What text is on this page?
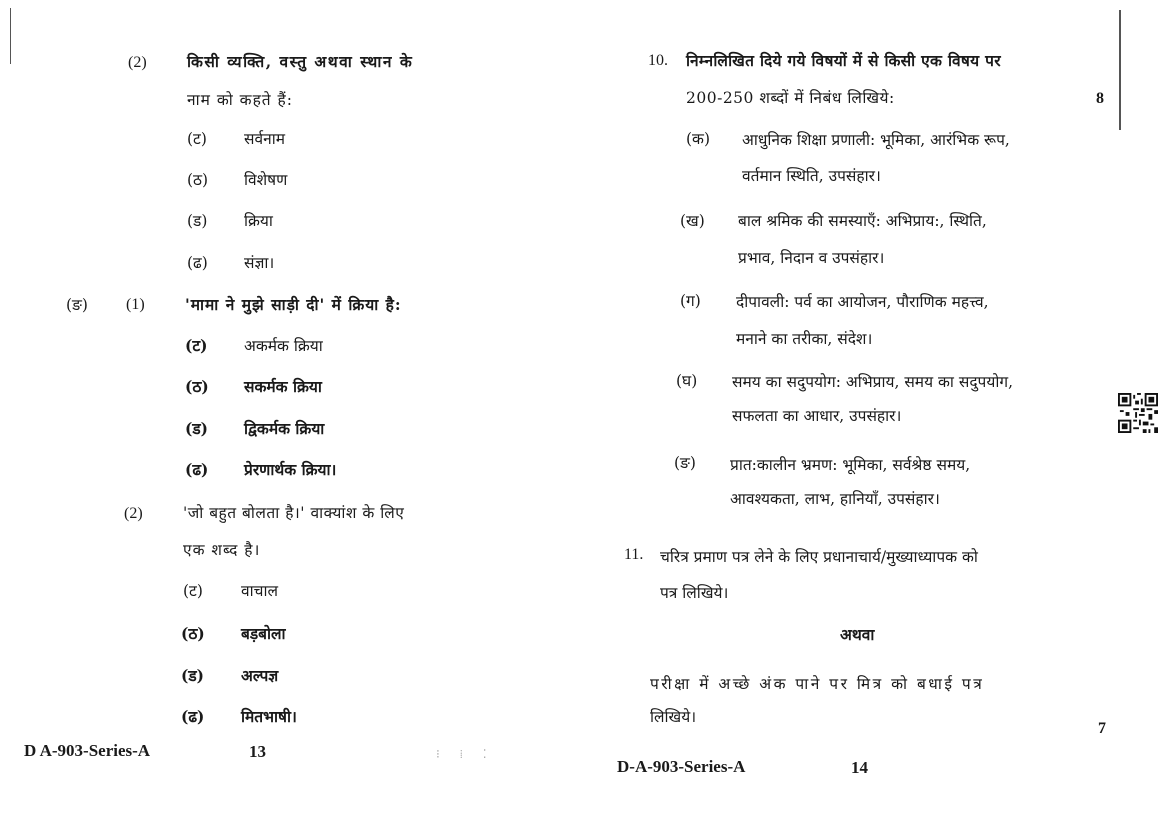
(2)	किसी व्यक्ति, वस्तु अथवा स्थान के
नाम को कहते हैं:
(ट) सर्वनाम
(ठ) विशेषण
(ड) क्रिया
(ढ) संज्ञा।
(ङ) (1)	'मामा ने मुझे साड़ी दी' में क्रिया है:
(ट) अकर्मक क्रिया
(ठ) सकर्मक क्रिया
(ड) द्विकर्मक क्रिया
(ढ) प्रेरणार्थक क्रिया।
(2)	'जो बहुत बोलता है।' वाक्यांश के लिए
एक शब्द है।
(ट) वाचाल
(ठ) बड़बोला
(ड) अल्पज्ञ
(ढ) मितभाषी।
D A-903-Series-A	13	⁝ ⁞ ⁚
10. निम्नलिखित दिये गये विषयों में से किसी एक विषय पर
200-250 शब्दों में निबंध लिखिये:	8
(क) आधुनिक शिक्षा प्रणाली: भूमिका, आरंभिक रूप,
वर्तमान स्थिति, उपसंहार।
(ख) बाल श्रमिक की समस्याएँ: अभिप्राय:, स्थिति,
प्रभाव, निदान व उपसंहार।
(ग) दीपावली: पर्व का आयोजन, पौराणिक महत्त्व,
मनाने का तरीका, संदेश।
(घ) समय का सदुपयोग: अभिप्राय, समय का सदुपयोग,
सफलता का आधार, उपसंहार।
(ङ) प्रात:कालीन भ्रमण: भूमिका, सर्वश्रेष्ठ समय,
आवश्यकता, लाभ, हानियाँ, उपसंहार।
11. चरित्र प्रमाण पत्र लेने के लिए प्रधानाचार्य/मुख्याध्यापक को
पत्र लिखिये।
अथवा
परीक्षा में अच्छे अंक पाने पर मित्र को बधाई पत्र
लिखिये।
7
D-A-903-Series-A	14
